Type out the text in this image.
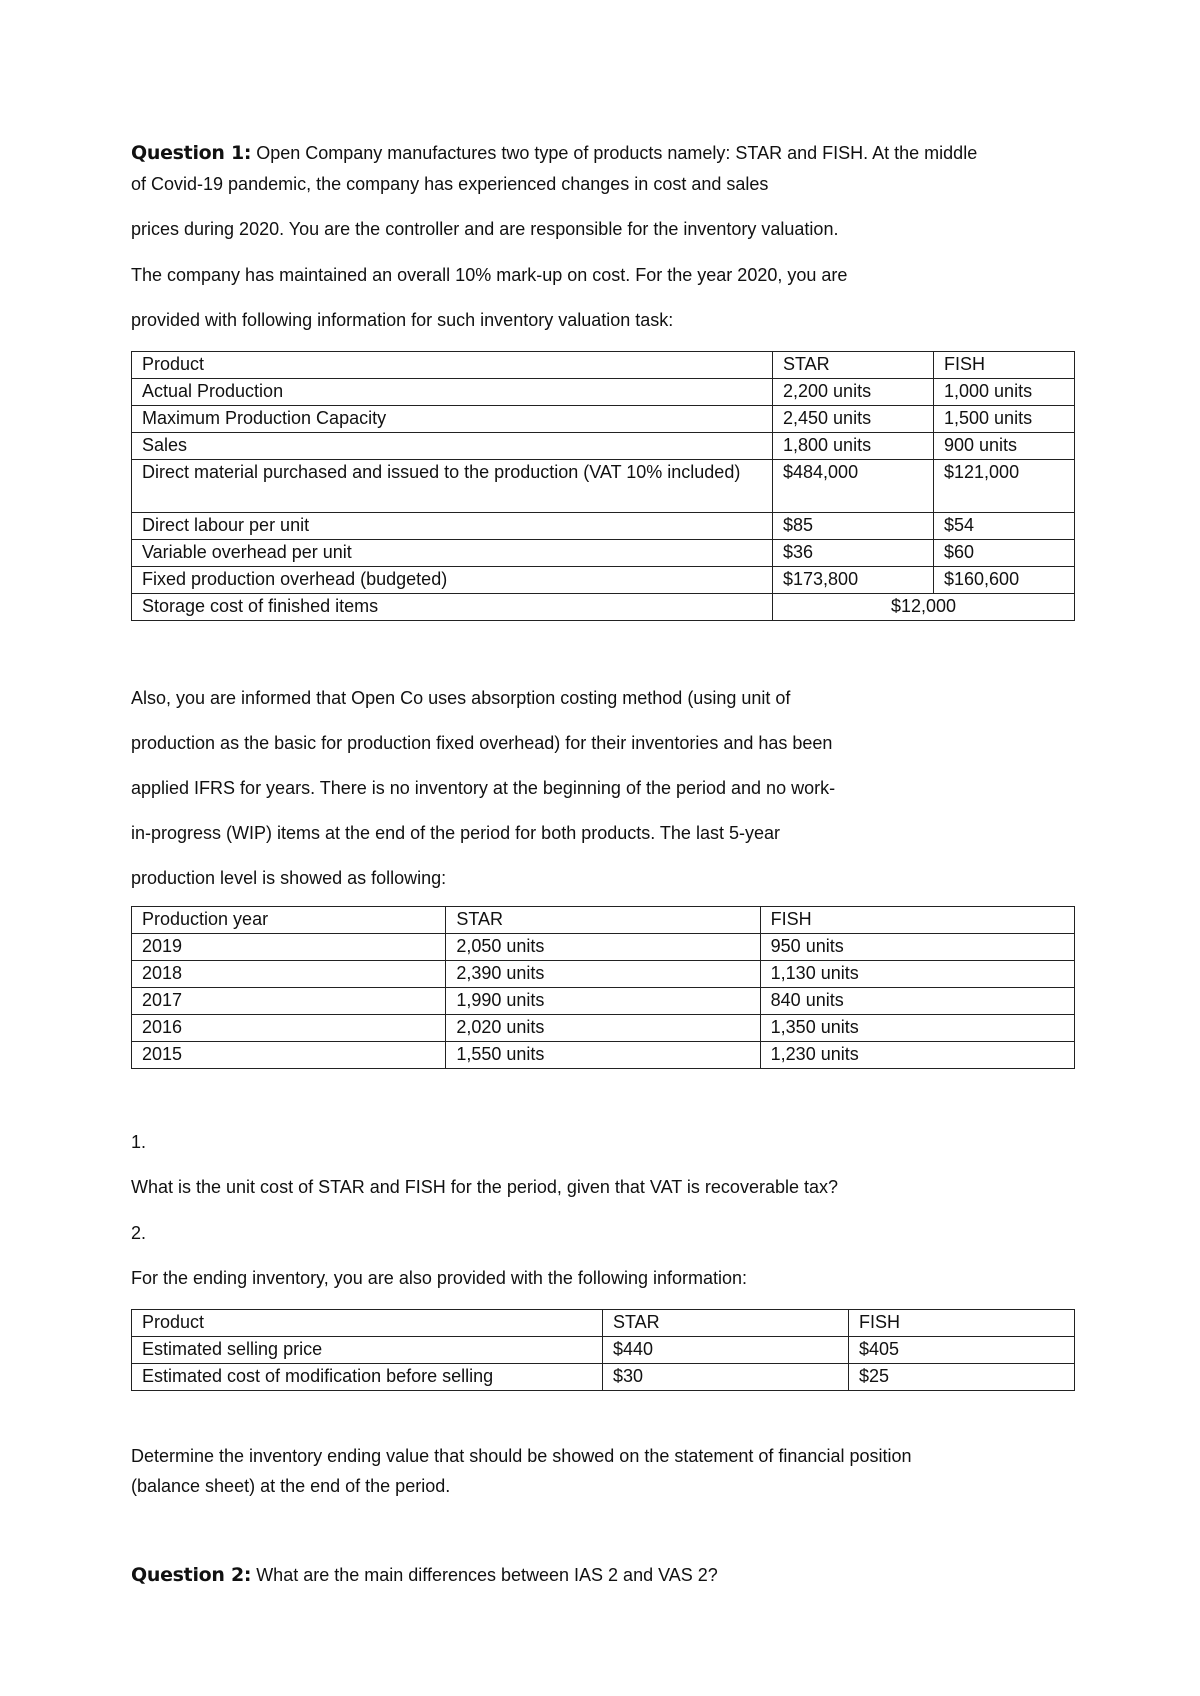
Question 1: Open Company manufactures two type of products namely: STAR and FISH. At the middle

of Covid-19 pandemic, the company has experienced changes in cost and sales

prices during 2020. You are the controller and are responsible for the inventory valuation.

The company has maintained an overall 10% mark-up on cost. For the year 2020, you are

provided with following information for such inventory valuation task:

Product	STAR	FISH
Actual Production	2,200 units	1,000 units
Maximum Production Capacity	2,450 units	1,500 units
Sales	1,800 units	900 units
Direct material purchased and issued to the production (VAT 10% included)	$484,000	$121,000
Direct labour per unit	$85	$54
Variable overhead per unit	$36	$60
Fixed production overhead (budgeted)	$173,800	$160,600
Storage cost of finished items	$12,000	

Also, you are informed that Open Co uses absorption costing method (using unit of

production as the basic for production fixed overhead) for their inventories and has been

applied IFRS for years. There is no inventory at the beginning of the period and no work-

in-progress (WIP) items at the end of the period for both products. The last 5-year

production level is showed as following:

Production year	STAR	FISH
2019	2,050 units	950 units
2018	2,390 units	1,130 units
2017	1,990 units	840 units
2016	2,020 units	1,350 units
2015	1,550 units	1,230 units

1.

What is the unit cost of STAR and FISH for the period, given that VAT is recoverable tax?

2.

For the ending inventory, you are also provided with the following information:

Product	STAR	FISH
Estimated selling price	$440	$405
Estimated cost of modification before selling	$30	$25

Determine the inventory ending value that should be showed on the statement of financial position

(balance sheet) at the end of the period.

Question 2: What are the main differences between IAS 2 and VAS 2?
